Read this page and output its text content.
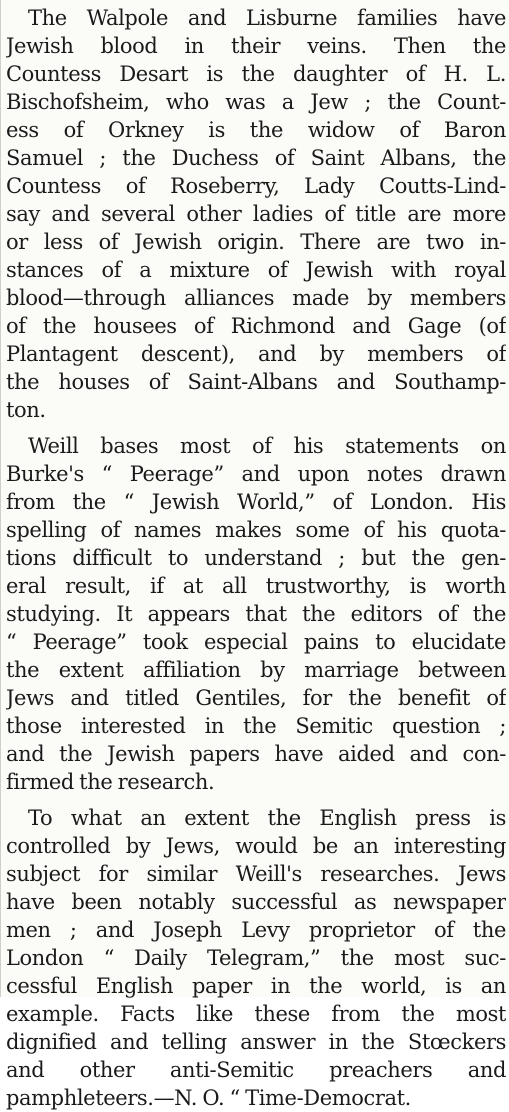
The Walpole and Lisburne families have
Jewish blood in their veins. Then the
Countess Desart is the daughter of H. L.
Bischofsheim, who was a Jew ; the Count-
ess of Orkney is the widow of Baron
Samuel ; the Duchess of Saint Albans, the
Countess of Roseberry, Lady Coutts-Lind-
say and several other ladies of title are more
or less of Jewish origin. There are two in-
stances of a mixture of Jewish with royal
blood—through alliances made by members
of the housees of Richmond and Gage (of
Plantagent descent), and by members of
the houses of Saint-Albans and Southamp-
ton.
Weill bases most of his statements on
Burke's “ Peerage” and upon notes drawn
from the “ Jewish World,” of London. His
spelling of names makes some of his quota-
tions difficult to understand ; but the gen-
eral result, if at all trustworthy, is worth
studying. It appears that the editors of the
“ Peerage” took especial pains to elucidate
the extent affiliation by marriage between
Jews and titled Gentiles, for the benefit of
those interested in the Semitic question ;
and the Jewish papers have aided and con-
firmed the research.
To what an extent the English press is
controlled by Jews, would be an interesting
subject for similar Weill's researches. Jews
have been notably successful as newspaper
men ; and Joseph Levy proprietor of the
London “ Daily Telegram,” the most suc-
cessful English paper in the world, is an
example. Facts like these from the most
dignified and telling answer in the Stœckers
and other anti-Semitic preachers and
pamphleteers.—N. O. “ Time-Democrat.
